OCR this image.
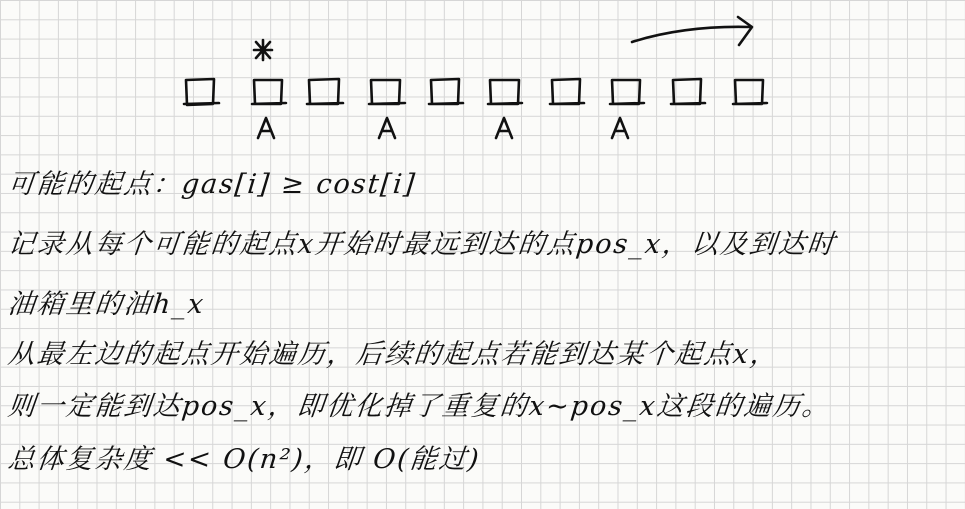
可能的起点：gas[i] ≥ cost[i]
记录从每个可能的起点x开始时最远到达的点pos_x，以及到达时
油箱里的油h_x
从最左边的起点开始遍历，后续的起点若能到达某个起点x，
则一定能到达pos_x，即优化掉了重复的x~pos_x这段的遍历。
总体复杂度 << O(n²)，即 O(能过)
